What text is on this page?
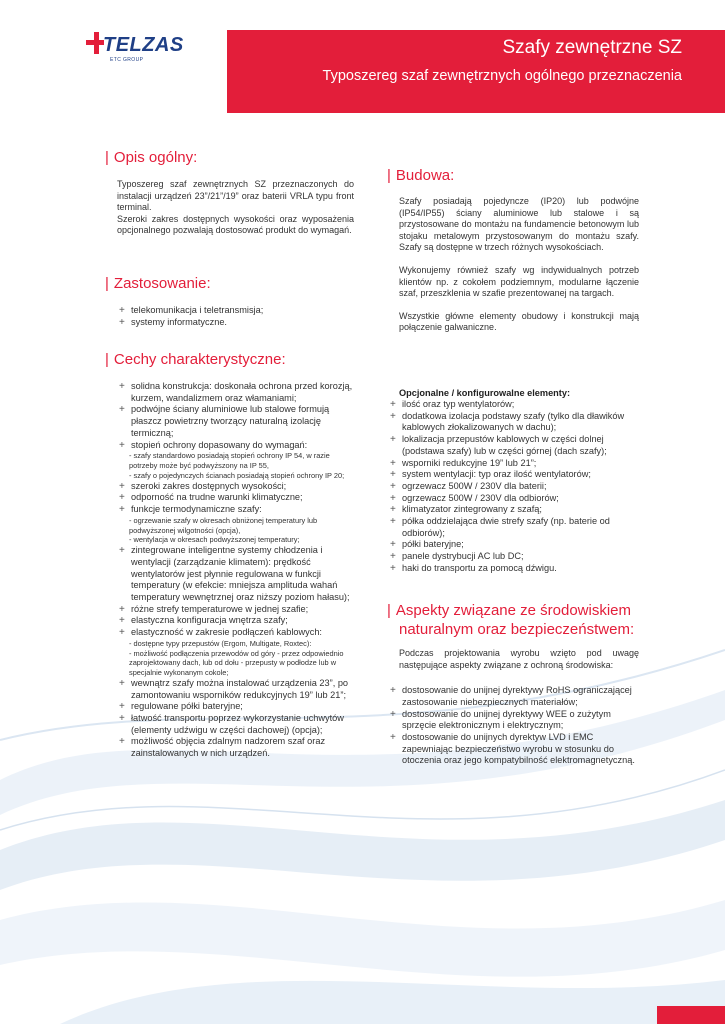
TELZAS
ETC GROUP
Szafy zewnętrzne SZ
Typoszereg szaf zewnętrznych ogólnego przeznaczenia
| Opis ogólny:

Typoszereg szaf zewnętrznych SZ przeznaczonych do instalacji urządzeń 23”/21”/19” oraz baterii VRLA typu front terminal.

Szeroki zakres dostępnych wysokości oraz wyposażenia opcjonalnego pozwalają dostosować produkt do wymagań.

| Zastosowanie:
+ telekomunikacja i teletransmisja;
+ systemy informatyczne.
| Cechy charakterystyczne:
+ solidna konstrukcja: doskonała ochrona przed korozją, kurzem, wandalizmem oraz włamaniami;
+ podwójne ściany aluminiowe lub stalowe formują płaszcz powietrzny tworzący naturalną izolację termiczną;
+ stopień ochrony dopasowany do wymagań:
- szafy standardowo posiadają stopień ochrony IP 54, w razie potrzeby może być podwyższony na IP 55,
- szafy o pojedynczych ścianach posiadają stopień ochrony IP 20;
+ szeroki zakres dostępnych wysokości;
+ odporność na trudne warunki klimatyczne;
+ funkcje termodynamiczne szafy:
- ogrzewanie szafy w okresach obniżonej temperatury lub podwyższonej wilgotności (opcja),
- wentylacja w okresach podwyższonej temperatury;
+ zintegrowane inteligentne systemy chłodzenia i wentylacji (zarządzanie klimatem): prędkość wentylatorów jest płynnie regulowana w funkcji temperatury (w efekcie: mniejsza amplituda wahań temperatury wewnętrznej oraz niższy poziom hałasu);
+ różne strefy temperaturowe w jednej szafie;
+ elastyczna konfiguracja wnętrza szafy;
+ elastyczność w zakresie podłączeń kablowych:
- dostępne typy przepustów (Ergom, Multigate, Roxtec):
- możliwość podłączenia przewodów od góry - przez odpowiednio zaprojektowany dach, lub od dołu - przepusty w podłodze lub w specjalnie wykonanym cokole;
+ wewnątrz szafy można instalować urządzenia 23”, po zamontowaniu wsporników redukcyjnych 19” lub 21”;
+ regulowane półki bateryjne;
+ łatwość transportu poprzez wykorzystanie uchwytów (elementy udźwigu w części dachowej) (opcja);
+ możliwość objęcia zdalnym nadzorem szaf oraz zainstalowanych w nich urządzeń.
| Budowa:

Szafy posiadają pojedyncze (IP20) lub podwójne (IP54/IP55) ściany aluminiowe lub stalowe i są przystosowane do montażu na fundamencie betonowym lub stojaku metalowym przystosowanym do montażu szafy. Szafy są dostępne w trzech różnych wysokościach.

Wykonujemy również szafy wg indywidualnych potrzeb klientów np. z cokołem podziemnym, modularne łączenie szaf, przeszklenia w szafie prezentowanej na targach.

Wszystkie główne elementy obudowy i konstrukcji mają połączenie galwaniczne.

Opcjonalne / konfigurowalne elementy:

+ ilość oraz typ wentylatorów;
+ dodatkowa izolacja podstawy szafy (tylko dla dławików kablowych złokalizowanych w dachu);
+ lokalizacja przepustów kablowych w części dolnej (podstawa szafy) lub w części górnej (dach szafy);
+ wsporniki redukcyjne 19” lub 21”;
+ system wentylacji: typ oraz ilość wentylatorów;
+ ogrzewacz 500W / 230V dla baterii;
+ ogrzewacz 500W / 230V dla odbiorów;
+ klimatyzator zintegrowany z szafą;
+ półka oddzielająca dwie strefy szafy (np. baterie od odbiorów);
+ półki bateryjne;
+ panele dystrybucji AC lub DC;
+ haki do transportu za pomocą dźwigu.
| Aspekty związane ze środowiskiem naturalnym oraz bezpieczeństwem:

Podczas projektowania wyrobu wzięto pod uwagę następujące aspekty związane z ochroną środowiska:

+ dostosowanie do unijnej dyrektywy RoHS ograniczającej zastosowanie niebezpiecznych materiałów;
+ dostosowanie do unijnej dyrektywy WEE o zużytym sprzęcie elektronicznym i elektrycznym;
+ dostosowanie do unijnych dyrektyw LVD i EMC zapewniając bezpieczeństwo wyrobu w stosunku do otoczenia oraz jego kompatybilność elektromagnetyczną.
